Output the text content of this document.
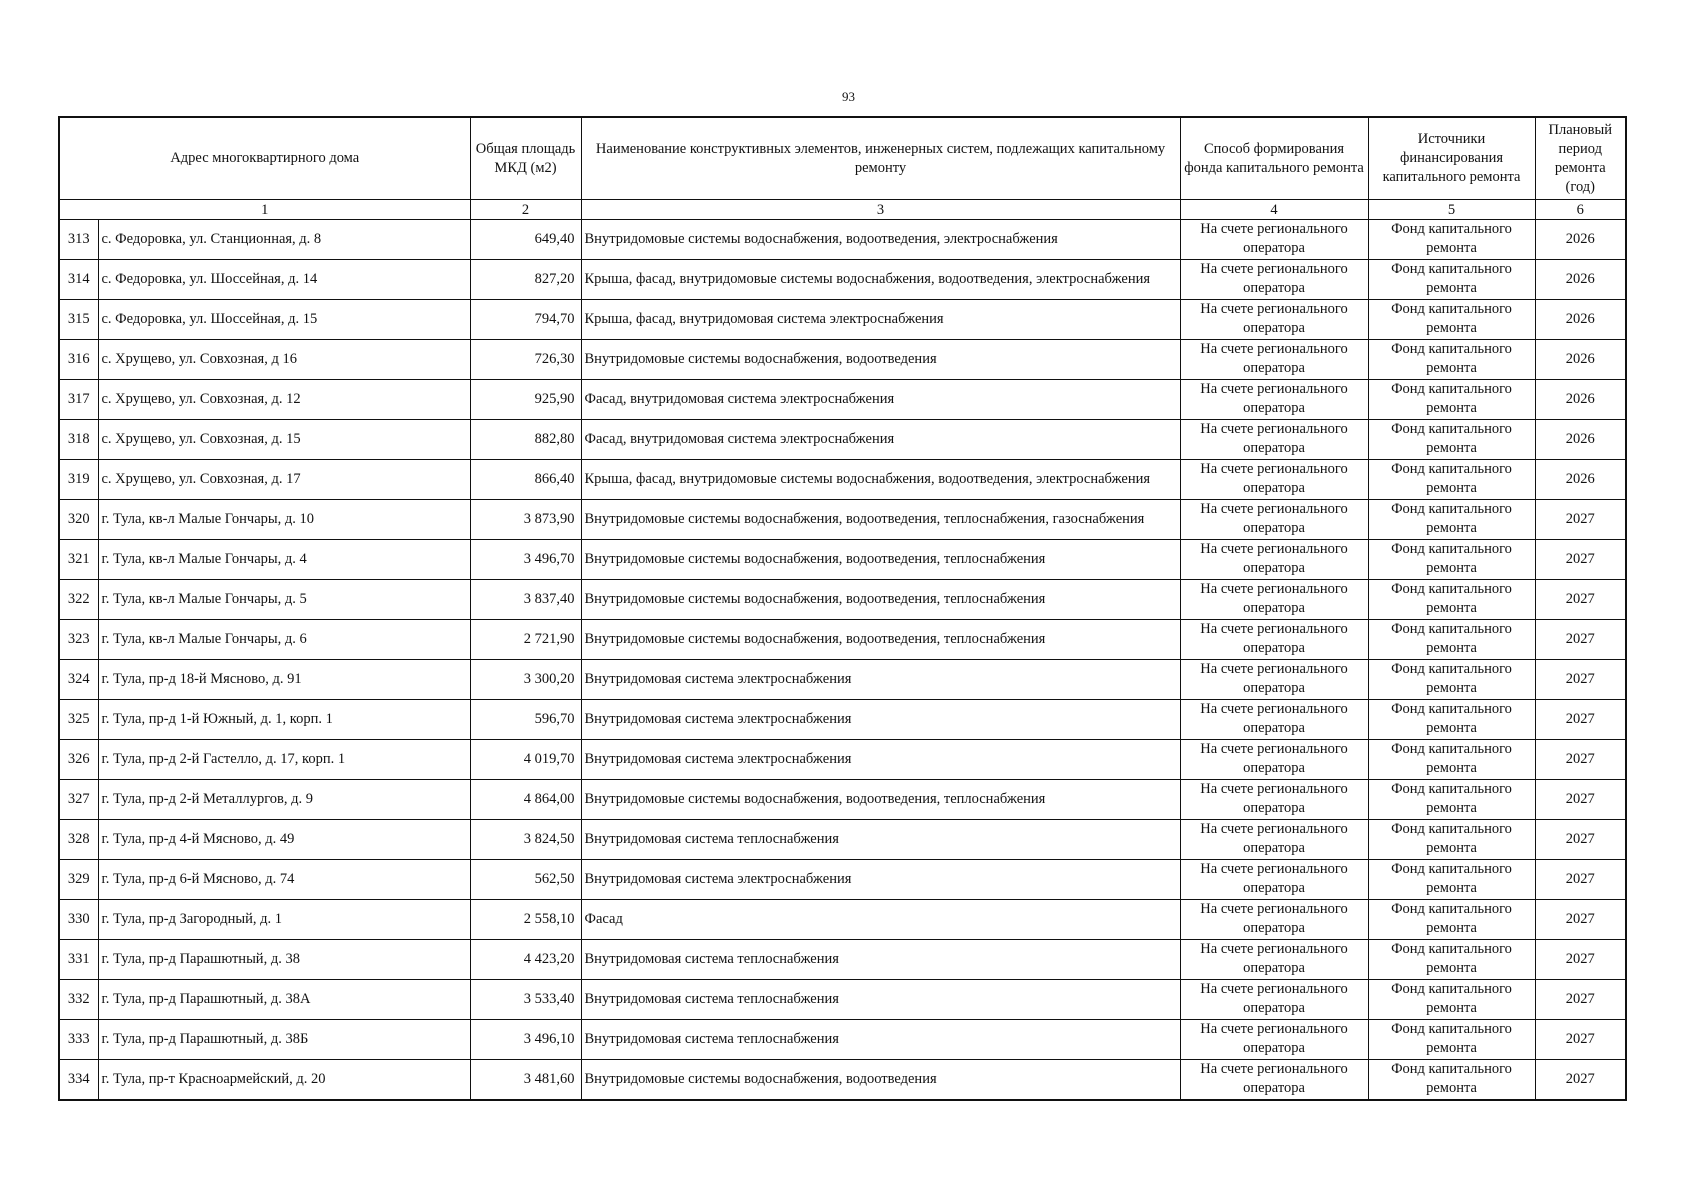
93
Адрес многоквартирного дома		Общая площадь МКД (м2)	Наименование конструктивных элементов, инженерных систем, подлежащих капитальному ремонту	Способ формирования фонда капитального ремонта	Источники финансирования капитального ремонта	Плановый период ремонта (год)
1		2	3	4	5	6
313	с. Федоровка, ул. Станционная, д. 8	649,40	Внутридомовые системы водоснабжения, водоотведения, электроснабжения	На счете регионального оператора	Фонд капитального ремонта	2026
314	с. Федоровка, ул. Шоссейная, д. 14	827,20	Крыша, фасад, внутридомовые системы водоснабжения, водоотведения, электроснабжения	На счете регионального оператора	Фонд капитального ремонта	2026
315	с. Федоровка, ул. Шоссейная, д. 15	794,70	Крыша, фасад, внутридомовая система электроснабжения	На счете регионального оператора	Фонд капитального ремонта	2026
316	с. Хрущево, ул. Совхозная, д 16	726,30	Внутридомовые системы водоснабжения, водоотведения	На счете регионального оператора	Фонд капитального ремонта	2026
317	с. Хрущево, ул. Совхозная, д. 12	925,90	Фасад, внутридомовая система электроснабжения	На счете регионального оператора	Фонд капитального ремонта	2026
318	с. Хрущево, ул. Совхозная, д. 15	882,80	Фасад, внутридомовая система электроснабжения	На счете регионального оператора	Фонд капитального ремонта	2026
319	с. Хрущево, ул. Совхозная, д. 17	866,40	Крыша, фасад, внутридомовые системы водоснабжения, водоотведения, электроснабжения	На счете регионального оператора	Фонд капитального ремонта	2026
320	г. Тула, кв-л Малые Гончары, д. 10	3 873,90	Внутридомовые системы водоснабжения, водоотведения, теплоснабжения, газоснабжения	На счете регионального оператора	Фонд капитального ремонта	2027
321	г. Тула, кв-л Малые Гончары, д. 4	3 496,70	Внутридомовые системы водоснабжения, водоотведения, теплоснабжения	На счете регионального оператора	Фонд капитального ремонта	2027
322	г. Тула, кв-л Малые Гончары, д. 5	3 837,40	Внутридомовые системы водоснабжения, водоотведения, теплоснабжения	На счете регионального оператора	Фонд капитального ремонта	2027
323	г. Тула, кв-л Малые Гончары, д. 6	2 721,90	Внутридомовые системы водоснабжения, водоотведения, теплоснабжения	На счете регионального оператора	Фонд капитального ремонта	2027
324	г. Тула, пр-д 18-й Мясново, д. 91	3 300,20	Внутридомовая система электроснабжения	На счете регионального оператора	Фонд капитального ремонта	2027
325	г. Тула, пр-д 1-й Южный, д. 1, корп. 1	596,70	Внутридомовая система электроснабжения	На счете регионального оператора	Фонд капитального ремонта	2027
326	г. Тула, пр-д 2-й Гастелло, д. 17, корп. 1	4 019,70	Внутридомовая система электроснабжения	На счете регионального оператора	Фонд капитального ремонта	2027
327	г. Тула, пр-д 2-й Металлургов, д. 9	4 864,00	Внутридомовые системы водоснабжения, водоотведения, теплоснабжения	На счете регионального оператора	Фонд капитального ремонта	2027
328	г. Тула, пр-д 4-й Мясново, д. 49	3 824,50	Внутридомовая система теплоснабжения	На счете регионального оператора	Фонд капитального ремонта	2027
329	г. Тула, пр-д 6-й Мясново, д. 74	562,50	Внутридомовая система электроснабжения	На счете регионального оператора	Фонд капитального ремонта	2027
330	г. Тула, пр-д Загородный, д. 1	2 558,10	Фасад	На счете регионального оператора	Фонд капитального ремонта	2027
331	г. Тула, пр-д Парашютный, д. 38	4 423,20	Внутридомовая система теплоснабжения	На счете регионального оператора	Фонд капитального ремонта	2027
332	г. Тула, пр-д Парашютный, д. 38А	3 533,40	Внутридомовая система теплоснабжения	На счете регионального оператора	Фонд капитального ремонта	2027
333	г. Тула, пр-д Парашютный, д. 38Б	3 496,10	Внутридомовая система теплоснабжения	На счете регионального оператора	Фонд капитального ремонта	2027
334	г. Тула, пр-т Красноармейский, д. 20	3 481,60	Внутридомовые системы водоснабжения, водоотведения	На счете регионального оператора	Фонд капитального ремонта	2027
